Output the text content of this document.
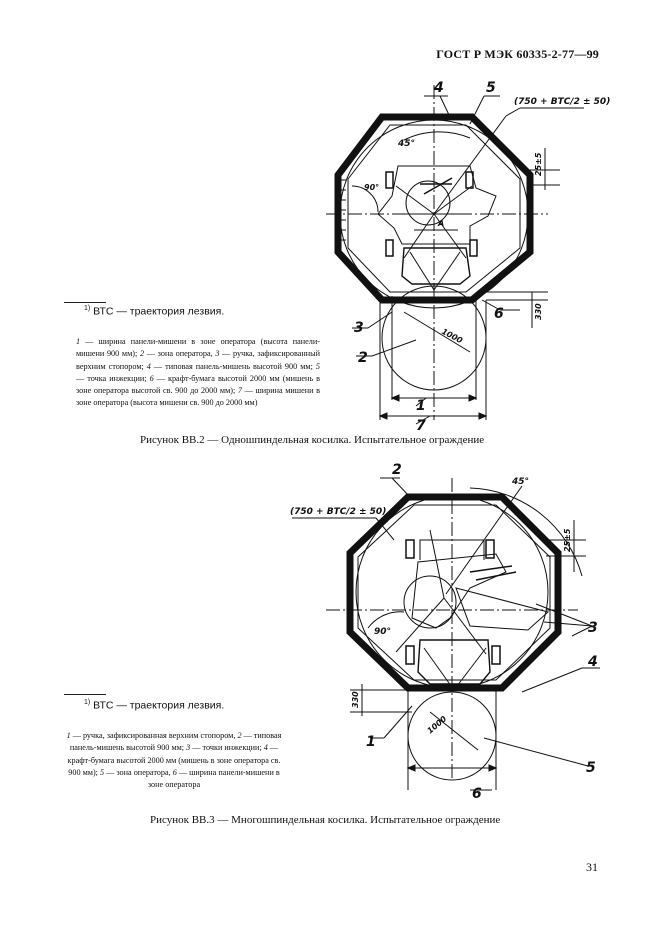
ГОСТ Р МЭК 60335-2-77—99
(750 + ВТС/2 ± 50)
45°
90°
A
1000
25±5
330
4	5
3
2
6
1
7
(750 + ВТС/2 ± 50)
45°
90°
1000
25±5
330
2
3
4
1
5
6
$^{1)}$ ВТС — траектория лезвия.
1 — ширина панели-мишени в зоне оператора (высота панели-мишени 900 мм); 2 — зона оператора, 3 — ручка, зафиксированный верхним стопором; 4 — типовая панель-мишень высотой 900 мм; 5 — точка инжекции; 6 — крафт-бумага высотой 2000 мм (мишень в зоне оператора высотой св. 900 до 2000 мм); 7 — ширина мишени в зоне оператора (высота мишени св. 900 до 2000 мм)
Рисунок ВВ.2 — Одношпиндельная косилка. Испытательное ограждение
$^{1)}$ ВТС — траектория лезвия.
1 — ручка, зафиксированная верхним стопором, 2 — типовая панель-мишень высотой 900 мм; 3 — точки инжекции; 4 — крафт-бумага высотой 2000 мм (мишень в зоне оператора св. 900 мм); 5 — зона оператора, 6 — ширина панели-мишени в зоне оператора
Рисунок ВВ.3 — Многошпиндельная косилка. Испытательное ограждение
31
